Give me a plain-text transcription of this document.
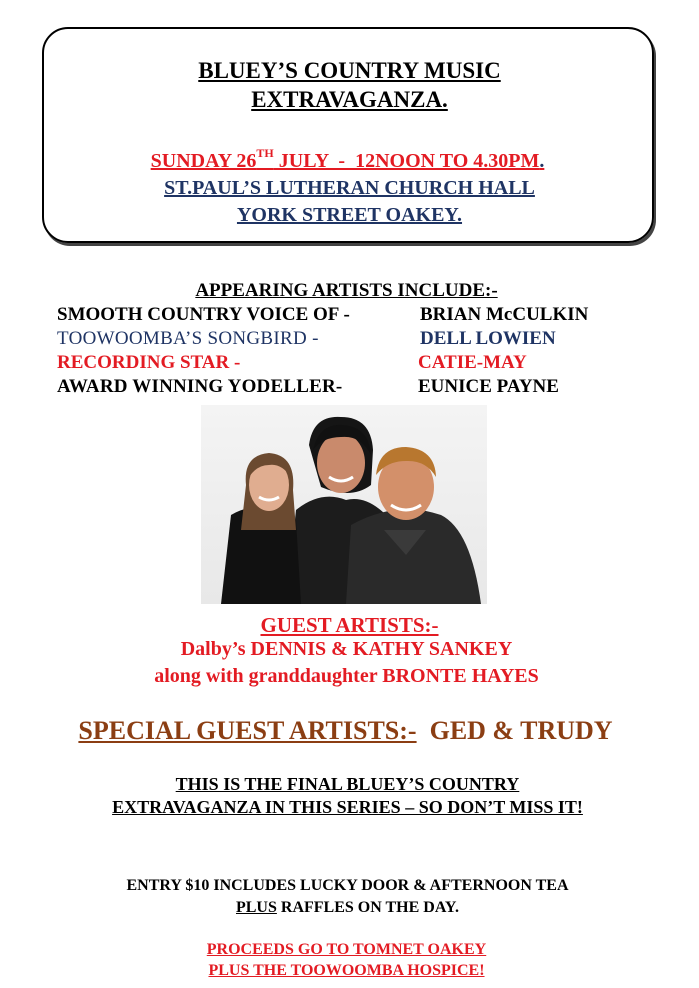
BLUEY’S COUNTRY MUSIC
EXTRAVAGANZA.
SUNDAY 26TH JULY  -  12NOON TO 4.30PM.
ST.PAUL’S LUTHERAN CHURCH HALL
YORK STREET OAKEY.
APPEARING ARTISTS INCLUDE:-
SMOOTH COUNTRY VOICE OF -	BRIAN McCULKIN
TOOWOOMBA’S SONGBIRD -	DELL LOWIEN
RECORDING STAR -	CATIE-MAY
AWARD WINNING YODELLER-	EUNICE PAYNE
GUEST ARTISTS:-
Dalby’s DENNIS & KATHY SANKEY
along with granddaughter BRONTE HAYES
SPECIAL GUEST ARTISTS:-  GED & TRUDY
THIS IS THE FINAL BLUEY’S COUNTRY
EXTRAVAGANZA IN THIS SERIES – SO DON’T MISS IT!
ENTRY $10 INCLUDES LUCKY DOOR & AFTERNOON TEA
PLUS RAFFLES ON THE DAY.
PROCEEDS GO TO TOMNET OAKEY
PLUS THE TOOWOOMBA HOSPICE!
